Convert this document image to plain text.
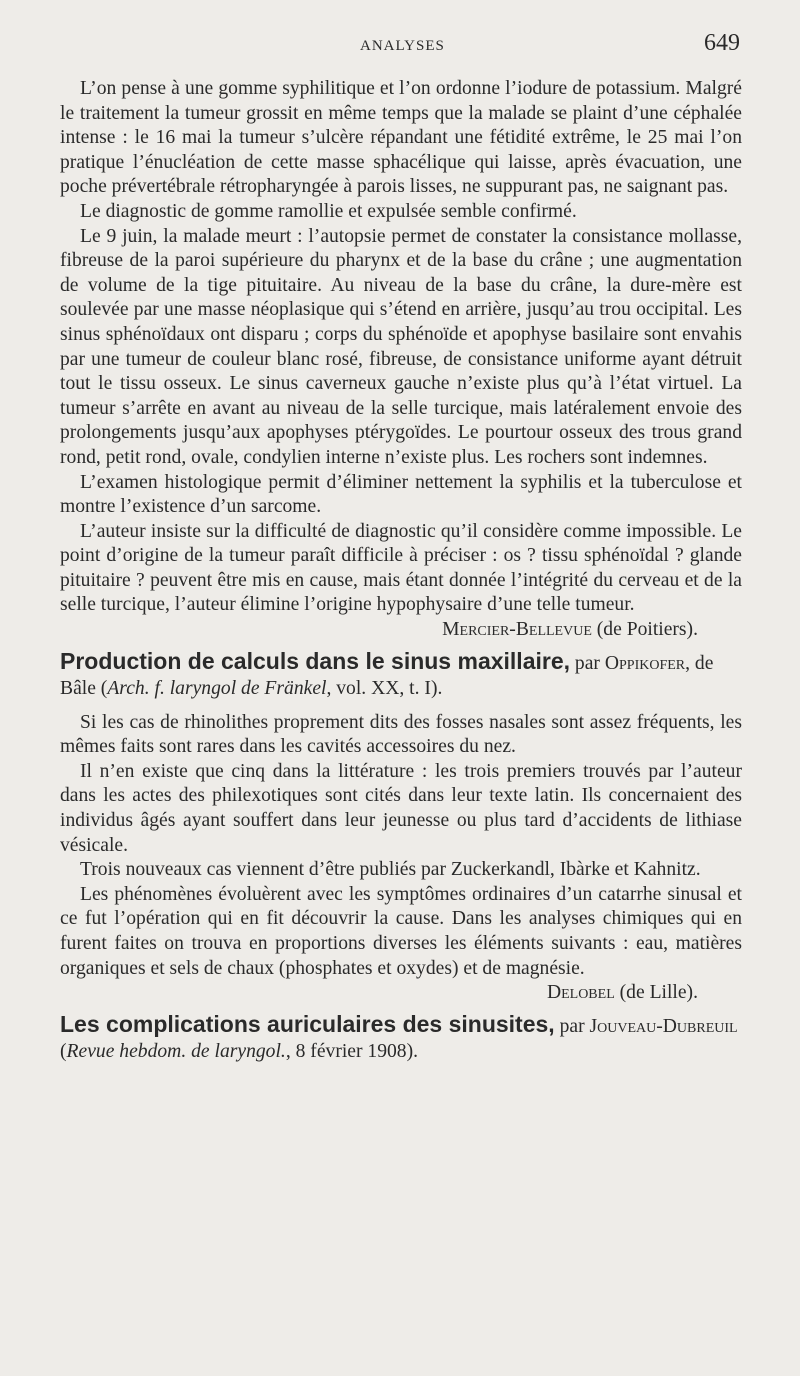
ANALYSES	649

L’on pense à une gomme syphilitique et l’on ordonne l’iodure de potassium. Malgré le traitement la tumeur grossit en même temps que la malade se plaint d’une céphalée intense : le 16 mai la tumeur s’ulcère répandant une fétidité extrême, le 25 mai l’on pratique l’énucléation de cette masse sphacélique qui laisse, après évacuation, une poche prévertébrale rétropharyngée à parois lisses, ne suppurant pas, ne saignant pas.

Le diagnostic de gomme ramollie et expulsée semble confirmé.

Le 9 juin, la malade meurt : l’autopsie permet de constater la consistance mollasse, fibreuse de la paroi supérieure du pharynx et de la base du crâne ; une augmentation de volume de la tige pituitaire. Au niveau de la base du crâne, la dure-mère est soulevée par une masse néoplasique qui s’étend en arrière, jusqu’au trou occipital. Les sinus sphénoïdaux ont disparu ; corps du sphénoïde et apophyse basilaire sont envahis par une tumeur de couleur blanc rosé, fibreuse, de consistance uniforme ayant détruit tout le tissu osseux. Le sinus caverneux gauche n’existe plus qu’à l’état virtuel. La tumeur s’arrête en avant au niveau de la selle turcique, mais latéralement envoie des prolongements jusqu’aux apophyses ptérygoïdes. Le pourtour osseux des trous grand rond, petit rond, ovale, condylien interne n’existe plus. Les rochers sont indemnes.

L’examen histologique permit d’éliminer nettement la syphilis et la tuberculose et montre l’existence d’un sarcome.

L’auteur insiste sur la difficulté de diagnostic qu’il considère comme impossible. Le point d’origine de la tumeur paraît difficile à préciser : os ? tissu sphénoïdal ? glande pituitaire ? peuvent être mis en cause, mais étant donnée l’intégrité du cerveau et de la selle turcique, l’auteur élimine l’origine hypophysaire d’une telle tumeur.

Mercier-Bellevue (de Poitiers).

Production de calculs dans le sinus maxillaire, par Oppikofer, de Bâle (Arch. f. laryngol de Fränkel, vol. XX, t. I).

Si les cas de rhinolithes proprement dits des fosses nasales sont assez fréquents, les mêmes faits sont rares dans les cavités accessoires du nez.

Il n’en existe que cinq dans la littérature : les trois premiers trouvés par l’auteur dans les actes des philexotiques sont cités dans leur texte latin. Ils concernaient des individus âgés ayant souffert dans leur jeunesse ou plus tard d’accidents de lithiase vésicale.

Trois nouveaux cas viennent d’être publiés par Zuckerkandl, Ibàrke et Kahnitz.

Les phénomènes évoluèrent avec les symptômes ordinaires d’un catarrhe sinusal et ce fut l’opération qui en fit découvrir la cause. Dans les analyses chimiques qui en furent faites on trouva en proportions diverses les éléments suivants : eau, matières organiques et sels de chaux (phosphates et oxydes) et de magnésie.

Delobel (de Lille).

Les complications auriculaires des sinusites, par Jouveau-Dubreuil (Revue hebdom. de laryngol., 8 février 1908).
